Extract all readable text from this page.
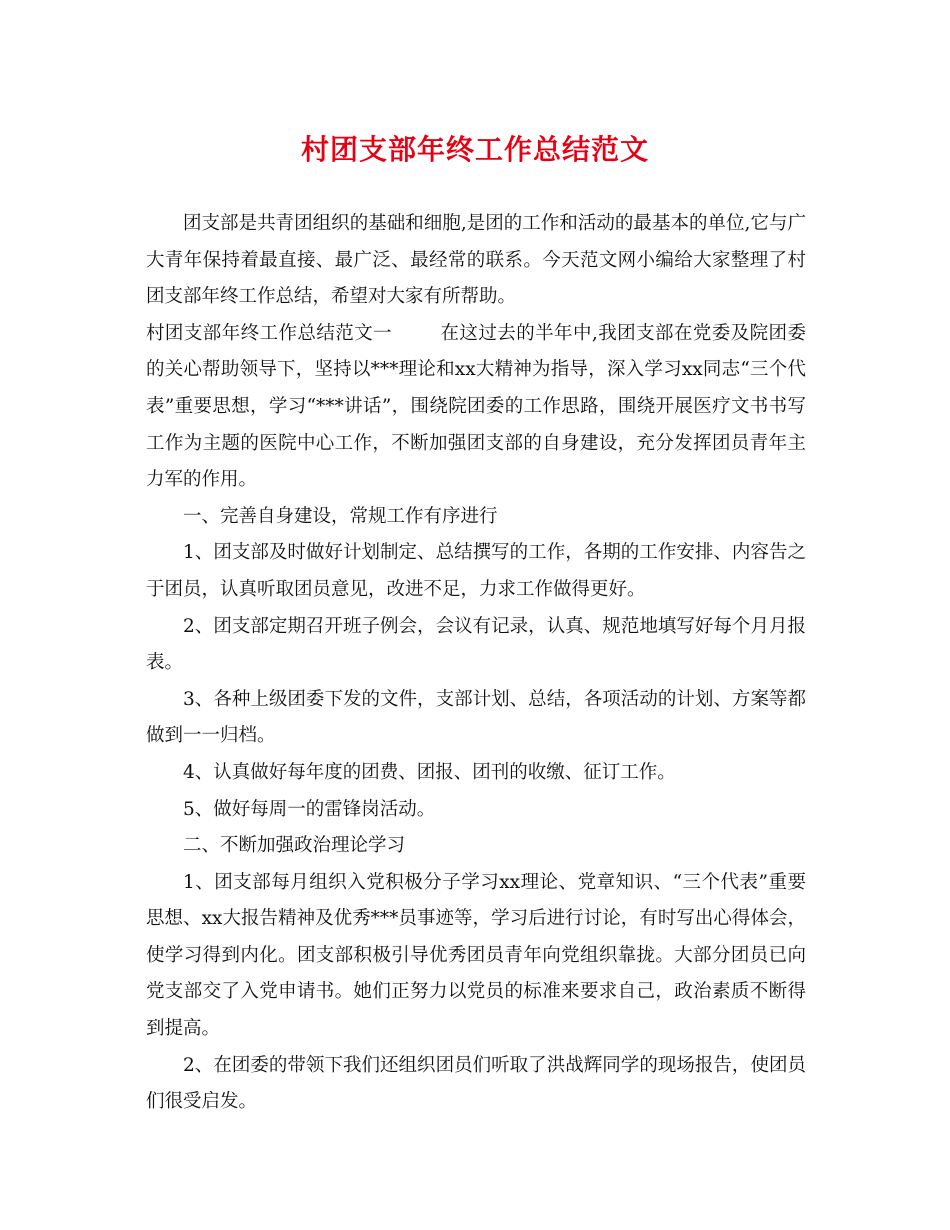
村团支部年终工作总结范文

团支部是共青团组织的基础和细胞,是团的工作和活动的最基本的单位,它与广大青年保持着最直接、最广泛、最经常的联系。今天范文网小编给大家整理了村团支部年终工作总结，希望对大家有所帮助。

村团支部年终工作总结范文一	在这过去的半年中,我团支部在党委及院团委的关心帮助领导下，坚持以***理论和xx大精神为指导，深入学习xx同志“三个代表”重要思想，学习“***讲话”，围绕院团委的工作思路，围绕开展医疗文书书写工作为主题的医院中心工作，不断加强团支部的自身建设，充分发挥团员青年主力军的作用。

一、完善自身建设，常规工作有序进行

1、团支部及时做好计划制定、总结撰写的工作，各期的工作安排、内容告之于团员，认真听取团员意见，改进不足，力求工作做得更好。

2、团支部定期召开班子例会，会议有记录，认真、规范地填写好每个月月报表。

3、各种上级团委下发的文件，支部计划、总结，各项活动的计划、方案等都做到一一归档。

4、认真做好每年度的团费、团报、团刊的收缴、征订工作。

5、做好每周一的雷锋岗活动。

二、不断加强政治理论学习

1、团支部每月组织入党积极分子学习xx理论、党章知识、“三个代表”重要思想、xx大报告精神及优秀***员事迹等，学习后进行讨论，有时写出心得体会，使学习得到内化。团支部积极引导优秀团员青年向党组织靠拢。大部分团员已向党支部交了入党申请书。她们正努力以党员的标准来要求自己，政治素质不断得到提高。

2、在团委的带领下我们还组织团员们听取了洪战辉同学的现场报告，使团员们很受启发。
